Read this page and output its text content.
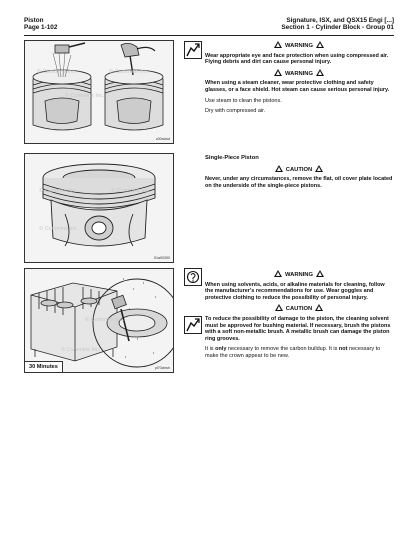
Piston
Page 1-102
Signature, ISX, and QSX15 Engi [...]
Section 1 - Cylinder Block - Group 01
© Cummins Inc.	© Cummins Inc.
© Cummins Inc.
c00xdwd

WARNING

Wear appropriate eye and face protection when using compressed air. Flying debris and dirt can cause personal injury.

WARNING

When using a steam cleaner, wear protective clothing and safety glasses, or a face shield. Hot steam can cause serious personal injury.

Use steam to clean the pistons.

Dry with compressed air.

© Cummins Inc.	© Cummins Inc.
© Cummins Inc.
01a00390

Single-Piece Piston

CAUTION

Never, under any circumstances, remove the flat, oil cover plate located on the underside of the single-piece pistons.

© Cummins Inc.
© Cummins Inc.
30 Minutes	pi70cbwh

WARNING

When using solvents, acids, or alkaline materials for cleaning, follow the manufacturer's recommendations for use. Wear goggles and protective clothing to reduce the possibility of personal injury.

CAUTION

To reduce the possibility of damage to the piston, the cleaning solvent must be approved for bushing material. If necessary, brush the pistons with a soft non-metallic brush. A metallic brush can damage the piston ring grooves.

It is only necessary to remove the carbon buildup. It is not necessary to make the crown appear to be new.
